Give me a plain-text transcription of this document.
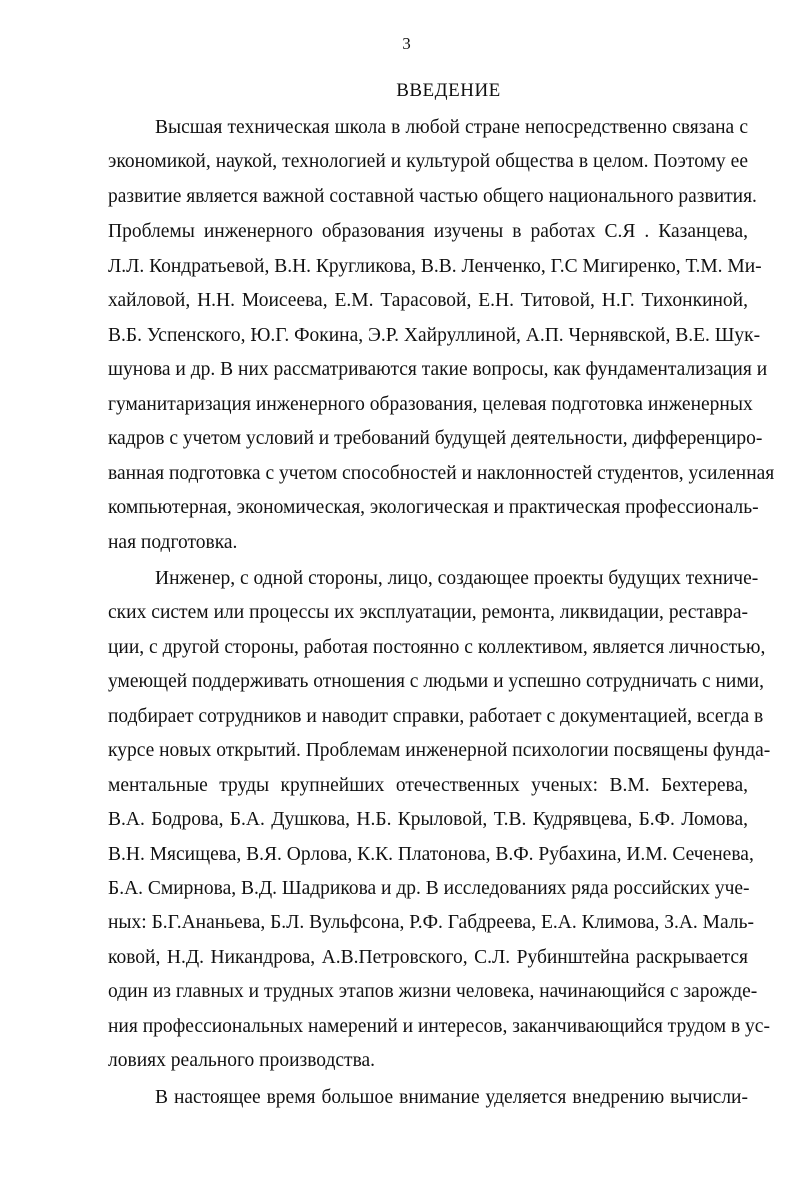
3
ВВЕДЕНИЕ
Высшая техническая школа в любой стране непосредственно связана с
экономикой, наукой, технологией и культурой общества в целом. Поэтому ее
развитие является важной составной частью общего национального развития.
Проблемы инженерного образования изучены в работах С.Я . Казанцева,
Л.Л. Кондратьевой, В.Н. Кругликова, В.В. Ленченко, Г.С Мигиренко, Т.М. Ми-
хайловой, Н.Н. Моисеева, Е.М. Тарасовой, Е.Н. Титовой, Н.Г. Тихонкиной,
В.Б. Успенского, Ю.Г. Фокина, Э.Р. Хайруллиной, А.П. Чернявской, В.Е. Шук-
шунова и др. В них рассматриваются такие вопросы, как фундаментализация и
гуманитаризация инженерного образования, целевая подготовка инженерных
кадров с учетом условий и требований будущей деятельности, дифференциро-
ванная подготовка с учетом способностей и наклонностей студентов, усиленная
компьютерная, экономическая, экологическая и практическая профессиональ-
ная подготовка.
Инженер, с одной стороны, лицо, создающее проекты будущих техниче-
ских систем или процессы их эксплуатации, ремонта, ликвидации, реставра-
ции, с другой стороны, работая постоянно с коллективом, является личностью,
умеющей поддерживать отношения с людьми и успешно сотрудничать с ними,
подбирает сотрудников и наводит справки, работает с документацией, всегда в
курсе новых открытий. Проблемам инженерной психологии посвящены фунда-
ментальные труды крупнейших отечественных ученых: В.М. Бехтерева,
В.А. Бодрова, Б.А. Душкова, Н.Б. Крыловой, Т.В. Кудрявцева, Б.Ф. Ломова,
В.Н. Мясищева, В.Я. Орлова, К.К. Платонова, В.Ф. Рубахина, И.М. Сеченева,
Б.А. Смирнова, В.Д. Шадрикова и др. В исследованиях ряда российских уче-
ных: Б.Г.Ананьева, Б.Л. Вульфсона, Р.Ф. Габдреева, Е.А. Климова, З.А. Маль-
ковой, Н.Д. Никандрова, А.В.Петровского, С.Л. Рубинштейна раскрывается
один из главных и трудных этапов жизни человека, начинающийся с зарожде-
ния профессиональных намерений и интересов, заканчивающийся трудом в ус-
ловиях реального производства.
В настоящее время большое внимание уделяется внедрению вычисли-
